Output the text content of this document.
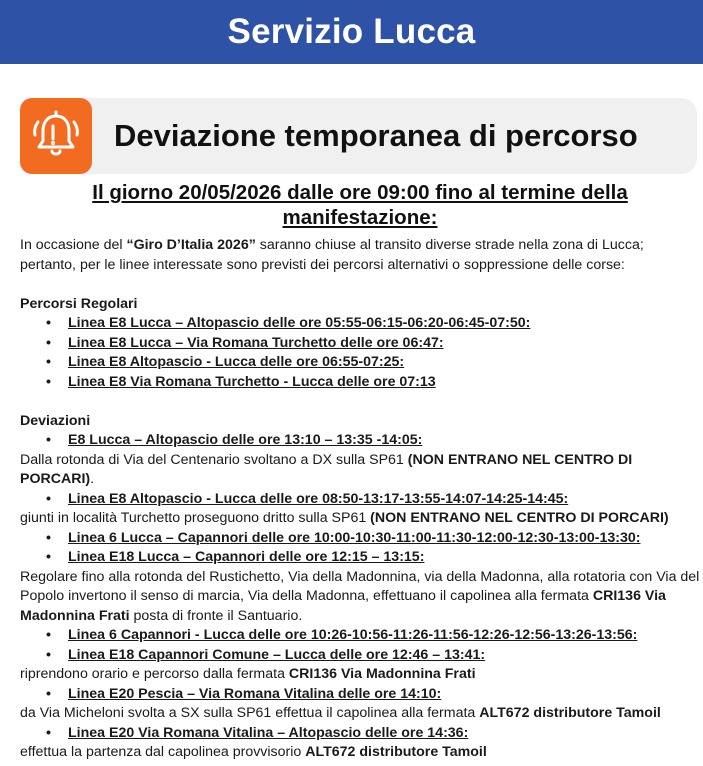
Servizio Lucca
Deviazione temporanea di percorso
Il giorno 20/05/2026 dalle ore 09:00 fino al termine della manifestazione:

In occasione del “Giro D’Italia 2026” saranno chiuse al transito diverse strade nella zona di Lucca; pertanto, per le linee interessate sono previsti dei percorsi alternativi o soppressione delle corse:

Percorsi Regolari

• Linea E8 Lucca – Altopascio delle ore 05:55-06:15-06:20-06:45-07:50:
• Linea E8 Lucca – Via Romana Turchetto delle ore 06:47:
• Linea E8 Altopascio - Lucca delle ore 06:55-07:25:
• Linea E8 Via Romana Turchetto - Lucca delle ore 07:13

Deviazioni

• E8 Lucca – Altopascio delle ore 13:10 – 13:35 -14:05:

Dalla rotonda di Via del Centenario svoltano a DX sulla SP61 (NON ENTRANO NEL CENTRO DI PORCARI).

• Linea E8 Altopascio - Lucca delle ore 08:50-13:17-13:55-14:07-14:25-14:45:

giunti in località Turchetto proseguono dritto sulla SP61 (NON ENTRANO NEL CENTRO DI PORCARI)

• Linea 6 Lucca – Capannori delle ore 10:00-10:30-11:00-11:30-12:00-12:30-13:00-13:30:
• Linea E18 Lucca – Capannori delle ore 12:15 – 13:15:

Regolare fino alla rotonda del Rustichetto, Via della Madonnina, via della Madonna, alla rotatoria con Via del Popolo invertono il senso di marcia, Via della Madonna, effettuano il capolinea alla fermata CRI136 Via Madonnina Frati posta di fronte il Santuario.

• Linea 6 Capannori - Lucca delle ore 10:26-10:56-11:26-11:56-12:26-12:56-13:26-13:56:
• Linea E18 Capannori Comune – Lucca delle ore 12:46 – 13:41:

riprendono orario e percorso dalla fermata CRI136 Via Madonnina Frati

• Linea E20 Pescia – Via Romana Vitalina delle ore 14:10:

da Via Micheloni svolta a SX sulla SP61 effettua il capolinea alla fermata ALT672 distributore Tamoil

• Linea E20 Via Romana Vitalina – Altopascio delle ore 14:36:

effettua la partenza dal capolinea provvisorio ALT672 distributore Tamoil
